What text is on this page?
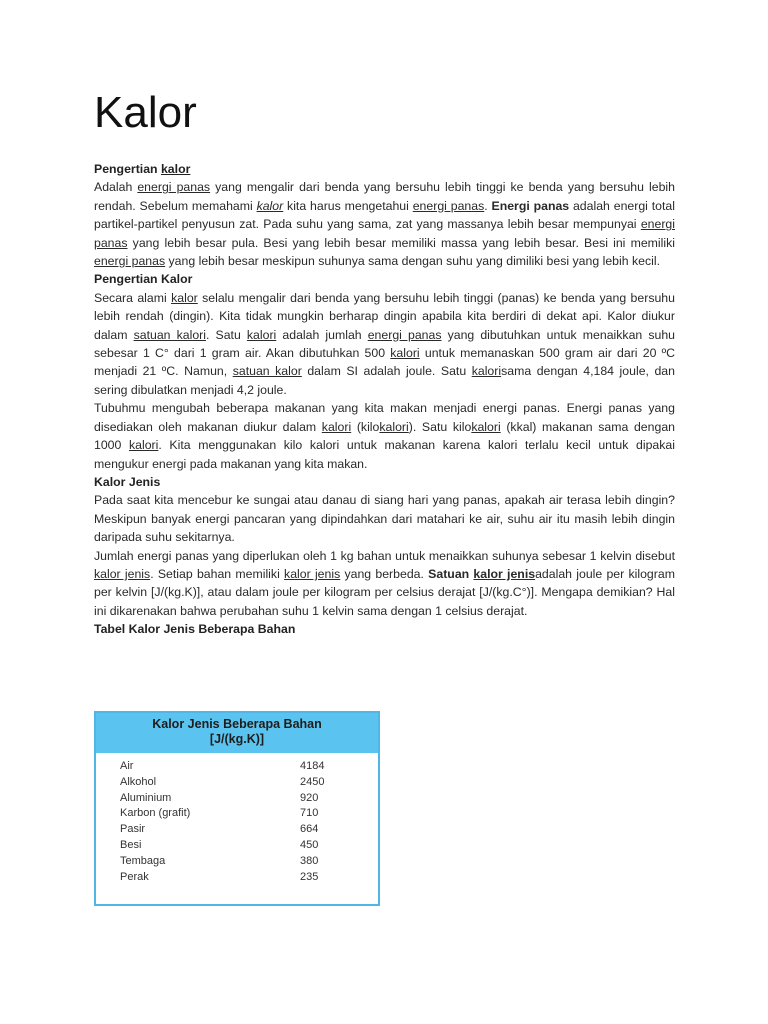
Kalor

Pengertian kalor

Adalah energi panas yang mengalir dari benda yang bersuhu lebih tinggi ke benda yang bersuhu lebih rendah. Sebelum memahami kalor kita harus mengetahui energi panas. Energi panas adalah energi total partikel-partikel penyusun zat. Pada suhu yang sama, zat yang massanya lebih besar mempunyai energi panas yang lebih besar pula. Besi yang lebih besar memiliki massa yang lebih besar. Besi ini memiliki energi panas yang lebih besar meskipun suhunya sama dengan suhu yang dimiliki besi yang lebih kecil.

Pengertian Kalor

Secara alami kalor selalu mengalir dari benda yang bersuhu lebih tinggi (panas) ke benda yang bersuhu lebih rendah (dingin). Kita tidak mungkin berharap dingin apabila kita berdiri di dekat api. Kalor diukur dalam satuan kalori. Satu kalori adalah jumlah energi panas yang dibutuhkan untuk menaikkan suhu sebesar 1 C° dari 1 gram air. Akan dibutuhkan 500 kalori untuk memanaskan 500 gram air dari 20 ºC menjadi 21 ºC. Namun, satuan kalor dalam SI adalah joule. Satu kalorisama dengan 4,184 joule, dan sering dibulatkan menjadi 4,2 joule.

Tubuhmu mengubah beberapa makanan yang kita makan menjadi energi panas. Energi panas yang disediakan oleh makanan diukur dalam kalori (kilokalori). Satu kilokalori (kkal) makanan sama dengan 1000 kalori. Kita menggunakan kilo kalori untuk makanan karena kalori terlalu kecil untuk dipakai mengukur energi pada makanan yang kita makan.

Kalor Jenis

Pada saat kita mencebur ke sungai atau danau di siang hari yang panas, apakah air terasa lebih dingin? Meskipun banyak energi pancaran yang dipindahkan dari matahari ke air, suhu air itu masih lebih dingin daripada suhu sekitarnya.

Jumlah energi panas yang diperlukan oleh 1 kg bahan untuk menaikkan suhunya sebesar 1 kelvin disebut kalor jenis. Setiap bahan memiliki kalor jenis yang berbeda. Satuan kalor jenisadalah joule per kilogram per kelvin [J/(kg.K)], atau dalam joule per kilogram per celsius derajat [J/(kg.C°)]. Mengapa demikian? Hal ini dikarenakan bahwa perubahan suhu 1 kelvin sama dengan 1 celsius derajat.

Tabel Kalor Jenis Beberapa Bahan

Kalor Jenis Beberapa Bahan
[J/(kg.K)]
Air	4184
Alkohol	2450
Aluminium	920
Karbon (grafit)	710
Pasir	664
Besi	450
Tembaga	380
Perak	235
